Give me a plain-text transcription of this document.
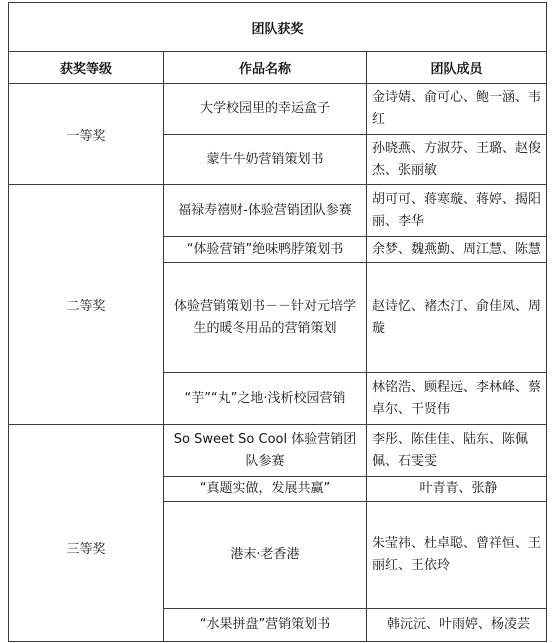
团队获奖		
获奖等级	作品名称	团队成员
一等奖	大学校园里的幸运盒子	金诗婧、俞可心、鲍一涵、韦红
	蒙牛牛奶营销策划书	孙晓燕、方淑芬、王璐、赵俊杰、张丽敏
二等奖	福禄寿禧财-体验营销团队参赛	胡可可、蒋寒璇、蒋婷、揭阳丽、李华
	“体验营销”绝味鸭脖策划书	余梦、魏燕勤、周江慧、陈慧
	体验营销策划书－－针对元培学生的暖冬用品的营销策划	赵诗忆、褚杰汀、俞佳凤、周璇
	“芋”“丸”之地·浅析校园营销	林铭浩、顾程远、李林峰、蔡卓尔、干贤伟
三等奖	So Sweet So Cool 体验营销团队参赛	李彤、陈佳佳、陆东、陈佩佩、石雯雯
	“真题实做，发展共赢”	叶青青、张静
	港末·老香港	朱莹祎、杜卓聪、曾祥恒、王丽红、王依玲
	“水果拼盘”营销策划书	韩沅沅、叶雨婷、杨凌芸
